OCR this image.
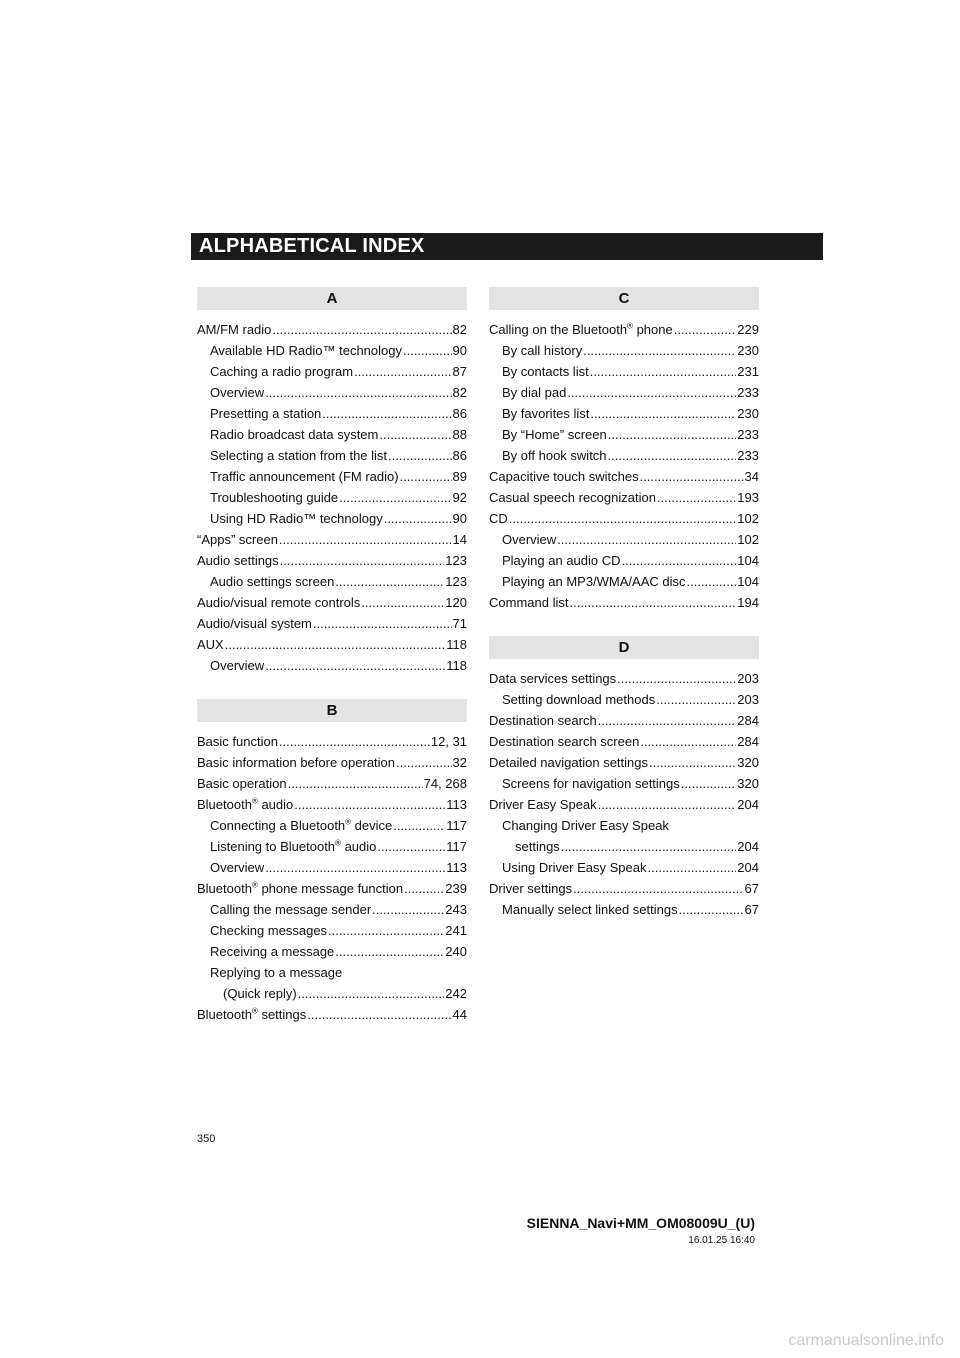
ALPHABETICAL INDEX
A
AM/FM radio .....	82
Available HD Radio™ technology .....	90
Caching a radio program .....	87
Overview .....	82
Presetting a station .....	86
Radio broadcast data system .....	88
Selecting a station from the list .....	86
Traffic announcement (FM radio) .....	89
Troubleshooting guide .....	92
Using HD Radio™ technology .....	90
“Apps” screen .....	14
Audio settings .....	123
Audio settings screen .....	123
Audio/visual remote controls .....	120
Audio/visual system .....	71
AUX .....	118
Overview .....	118
B
Basic function .....	12, 31
Basic information before operation .....	32
Basic operation .....	74, 268
Bluetooth® audio .....	113
Connecting a Bluetooth® device .....	117
Listening to Bluetooth® audio .....	117
Overview .....	113
Bluetooth® phone message function .....	239
Calling the message sender .....	243
Checking messages .....	241
Receiving a message .....	240
Replying to a message
(Quick reply) .....	242
Bluetooth® settings .....	44
C
Calling on the Bluetooth® phone .....	229
By call history .....	230
By contacts list .....	231
By dial pad .....	233
By favorites list .....	230
By “Home” screen .....	233
By off hook switch .....	233
Capacitive touch switches .....	34
Casual speech recognization .....	193
CD .....	102
Overview .....	102
Playing an audio CD .....	104
Playing an MP3/WMA/AAC disc .....	104
Command list .....	194
D
Data services settings .....	203
Setting download methods .....	203
Destination search .....	284
Destination search screen .....	284
Detailed navigation settings .....	320
Screens for navigation settings .....	320
Driver Easy Speak .....	204
Changing Driver Easy Speak
settings .....	204
Using Driver Easy Speak .....	204
Driver settings .....	67
Manually select linked settings .....	67
350
SIENNA_Navi+MM_OM08009U_(U)
16.01.25 16:40
carmanualsonline.info
